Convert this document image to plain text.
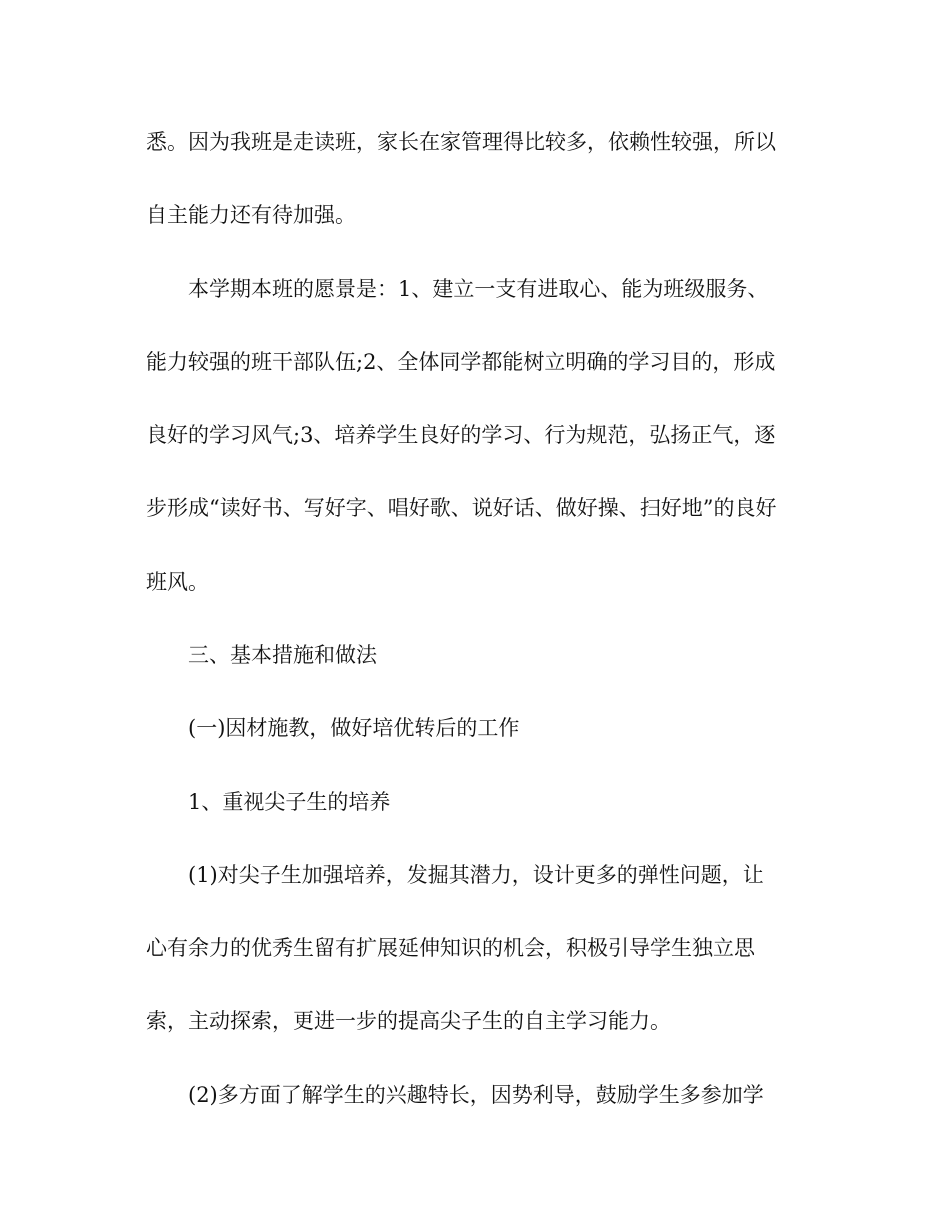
悉。因为我班是走读班，家长在家管理得比较多，依赖性较强，所以
自主能力还有待加强。
本学期本班的愿景是：1、建立一支有进取心、能为班级服务、
能力较强的班干部队伍;2、全体同学都能树立明确的学习目的，形成
良好的学习风气;3、培养学生良好的学习、行为规范，弘扬正气，逐
步形成“读好书、写好字、唱好歌、说好话、做好操、扫好地”的良好
班风。
三、基本措施和做法
(一)因材施教，做好培优转后的工作
1、重视尖子生的培养
(1)对尖子生加强培养，发掘其潜力，设计更多的弹性问题，让
心有余力的优秀生留有扩展延伸知识的机会，积极引导学生独立思
索，主动探索，更进一步的提高尖子生的自主学习能力。
(2)多方面了解学生的兴趣特长，因势利导，鼓励学生多参加学
